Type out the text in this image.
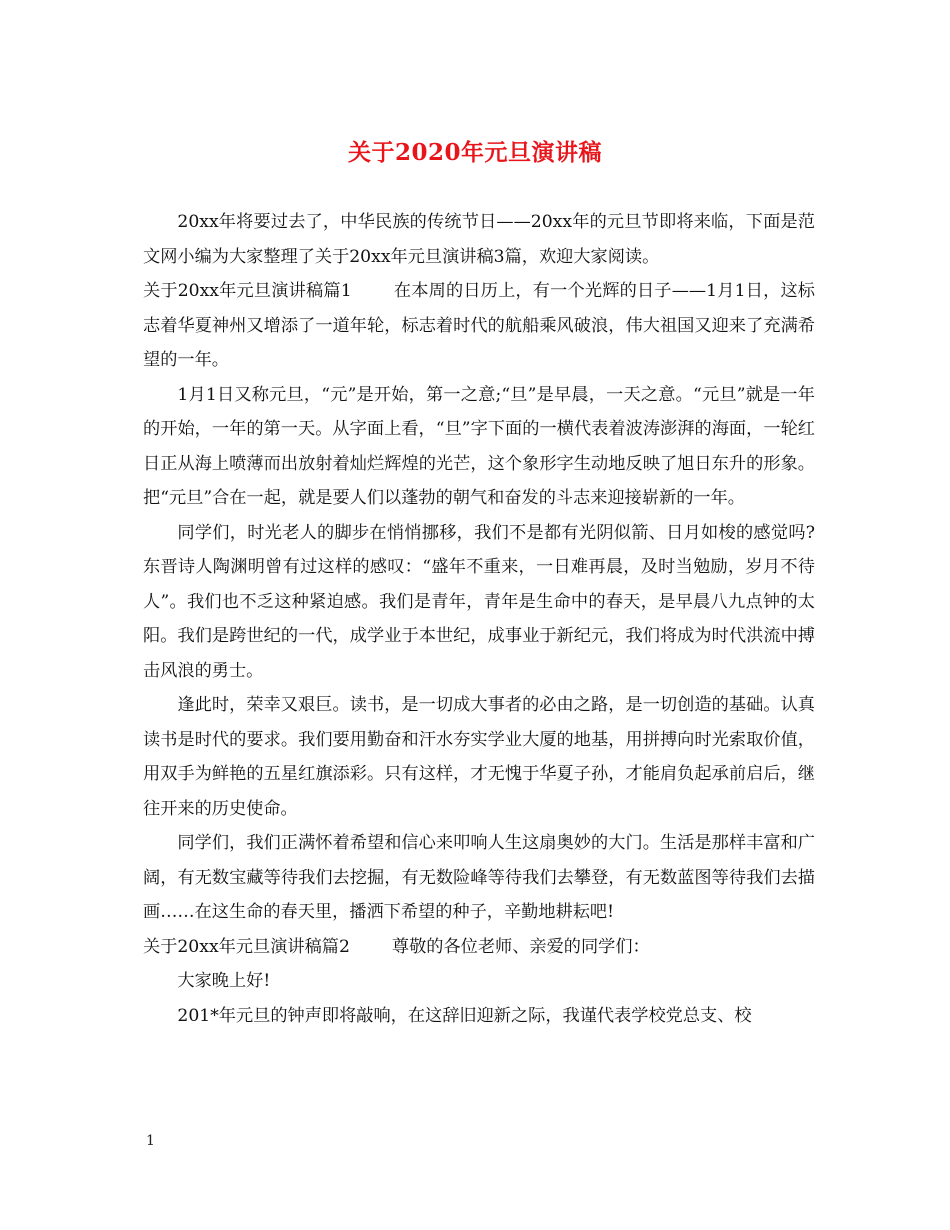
关于2020年元旦演讲稿

20xx年将要过去了，中华民族的传统节日——20xx年的元旦节即将来临，下面是范文网小编为大家整理了关于20xx年元旦演讲稿3篇，欢迎大家阅读。

关于20xx年元旦演讲稿篇1 在本周的日历上，有一个光辉的日子——1月1日，这标志着华夏神州又增添了一道年轮，标志着时代的航船乘风破浪，伟大祖国又迎来了充满希望的一年。

1月1日又称元旦，“元”是开始，第一之意;“旦”是早晨，一天之意。“元旦”就是一年的开始，一年的第一天。从字面上看，“旦”字下面的一横代表着波涛澎湃的海面，一轮红日正从海上喷薄而出放射着灿烂辉煌的光芒，这个象形字生动地反映了旭日东升的形象。把“元旦”合在一起，就是要人们以蓬勃的朝气和奋发的斗志来迎接崭新的一年。

同学们，时光老人的脚步在悄悄挪移，我们不是都有光阴似箭、日月如梭的感觉吗?东晋诗人陶渊明曾有过这样的感叹：“盛年不重来，一日难再晨，及时当勉励，岁月不待人”。我们也不乏这种紧迫感。我们是青年，青年是生命中的春天，是早晨八九点钟的太阳。我们是跨世纪的一代，成学业于本世纪，成事业于新纪元，我们将成为时代洪流中搏击风浪的勇士。

逢此时，荣幸又艰巨。读书，是一切成大事者的必由之路，是一切创造的基础。认真读书是时代的要求。我们要用勤奋和汗水夯实学业大厦的地基，用拼搏向时光索取价值，用双手为鲜艳的五星红旗添彩。只有这样，才无愧于华夏子孙，才能肩负起承前启后，继往开来的历史使命。

同学们，我们正满怀着希望和信心来叩响人生这扇奥妙的大门。生活是那样丰富和广阔，有无数宝藏等待我们去挖掘，有无数险峰等待我们去攀登，有无数蓝图等待我们去描画……在这生命的春天里，播洒下希望的种子，辛勤地耕耘吧!

关于20xx年元旦演讲稿篇2 尊敬的各位老师、亲爱的同学们：

大家晚上好!

201*年元旦的钟声即将敲响，在这辞旧迎新之际，我谨代表学校党总支、校

1
